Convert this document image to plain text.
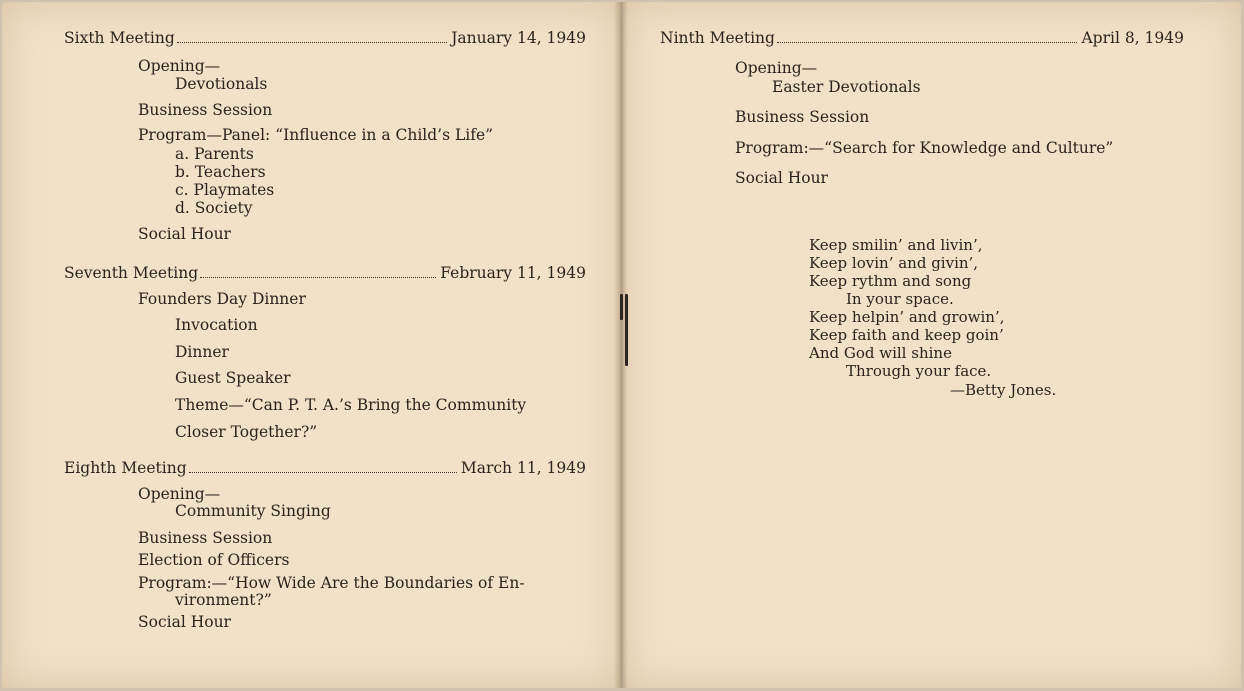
Sixth Meeting	January 14, 1949
Opening—
Devotionals
Business Session
Program—Panel: “Influence in a Child’s Life”
a. Parents
b. Teachers
c. Playmates
d. Society
Social Hour
Seventh Meeting	February 11, 1949
Founders Day Dinner
Invocation
Dinner
Guest Speaker
Theme—“Can P. T. A.’s Bring the Community
Closer Together?”
Eighth Meeting	March 11, 1949
Opening—
Community Singing
Business Session
Election of Officers
Program:—“How Wide Are the Boundaries of En-
vironment?”
Social Hour
Ninth Meeting	April 8, 1949
Opening—
Easter Devotionals
Business Session
Program:—“Search for Knowledge and Culture”
Social Hour
Keep smilin’ and livin’,
Keep lovin’ and givin’,
Keep rythm and song
In your space.
Keep helpin’ and growin’,
Keep faith and keep goin’
And God will shine
Through your face.
—Betty Jones.
